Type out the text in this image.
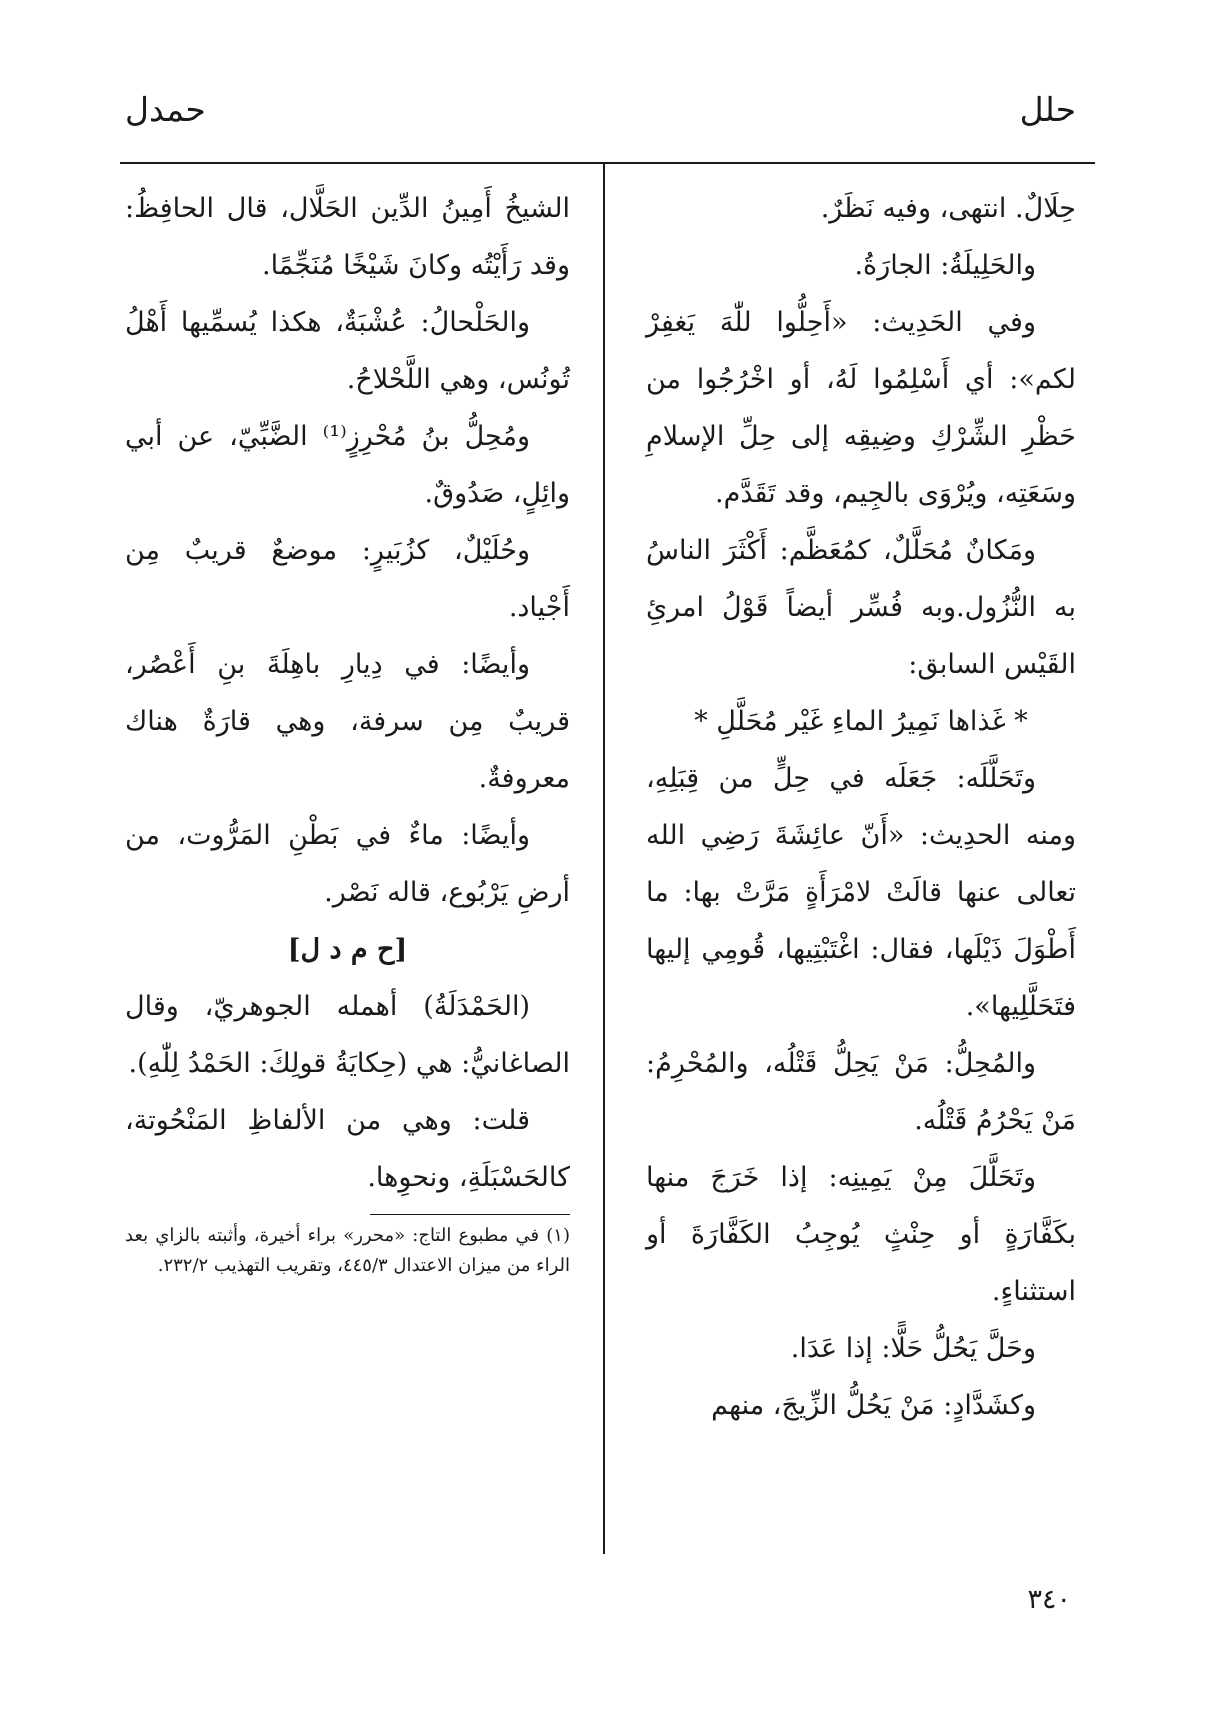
حلل
حمدل

حِلَالٌ. انتهى، وفيه نَظَرٌ.

والحَلِيلَةُ: الجارَةُ.

وفي الحَدِيث: «أَحِلُّوا للّٰهَ يَغفِرْ لكم»: أي أَسْلِمُوا لَهُ، أو اخْرُجُوا من حَظْرِ الشِّرْكِ وضِيقِه إلى حِلِّ الإسلامِ وسَعَتِه، ويُرْوَى بالجِيم، وقد تَقَدَّم.

ومَكانٌ مُحَلَّلٌ، كمُعَظَّم: أَكْثَرَ الناسُ به النُّزُول.وبه فُسِّر أيضاً قَوْلُ امرئِ القَيْس السابق:

* غَذاها نَمِيرُ الماءِ غَيْر مُحَلَّلِ *

وتَحَلَّلَه: جَعَلَه في حِلٍّ من قِبَلِهِ، ومنه الحدِيث: «أَنّ عائِشَةَ رَضِي الله تعالى عنها قالَتْ لامْرَأَةٍ مَرَّتْ بها: ما أَطْوَلَ ذَيْلَها، فقال: اغْتَبْتِيها، قُومِي إليها فتَحَلَّلِيها».

والمُحِلُّ: مَنْ يَحِلُّ قَتْلُه، والمُحْرِمُ: مَنْ يَحْرُمُ قَتْلُه.

وتَحَلَّلَ مِنْ يَمِينِه: إذا خَرَجَ منها بكَفَّارَةٍ أو حِنْثٍ يُوجِبُ الكَفَّارَةَ أو استثناءٍ.

وحَلَّ يَحُلُّ حَلًّا: إذا عَدَا.

وكشَدَّادٍ: مَنْ يَحُلُّ الزِّيجَ، منهم

الشيخُ أَمِينُ الدِّين الحَلَّال، قال الحافِظُ: وقد رَأَيْتُه وكانَ شَيْخًا مُنَجِّمًا.

والحَلْحالُ: عُشْبَةٌ، هكذا يُسمِّيها أَهْلُ تُونُس، وهي اللَّحْلاحُ.

ومُحِلُّ بنُ مُحْرِزٍ⁽¹⁾ الضَّبِّيّ، عن أبي وائِلٍ، صَدُوقٌ.

وحُلَيْلٌ، كزُبَيرٍ: موضعٌ قريبٌ مِن أَجْياد.

وأيضًا: في دِيارِ باهِلَةَ بنِ أَعْصُر، قريبٌ مِن سرفة، وهي قارَةٌ هناك معروفةٌ.

وأيضًا: ماءٌ في بَطْنِ المَرُّوت، من أرضِ يَرْبُوع، قاله نَصْر.

[ح م د ل]

(الحَمْدَلَةُ) أهمله الجوهريّ، وقال الصاغانيُّ: هي (حِكايَةُ قولِكَ: الحَمْدُ لِلّٰهِ).

قلت: وهي من الألفاظِ المَنْحُوتة، كالحَسْبَلَةِ، ونحوِها.

(١) في مطبوع التاج: «محرر» براء أخيرة، وأثبته بالزاي بعد الراء من ميزان الاعتدال ٤٤٥/٣، وتقريب التهذيب ٢٣٢/٢.
٣٤٠
